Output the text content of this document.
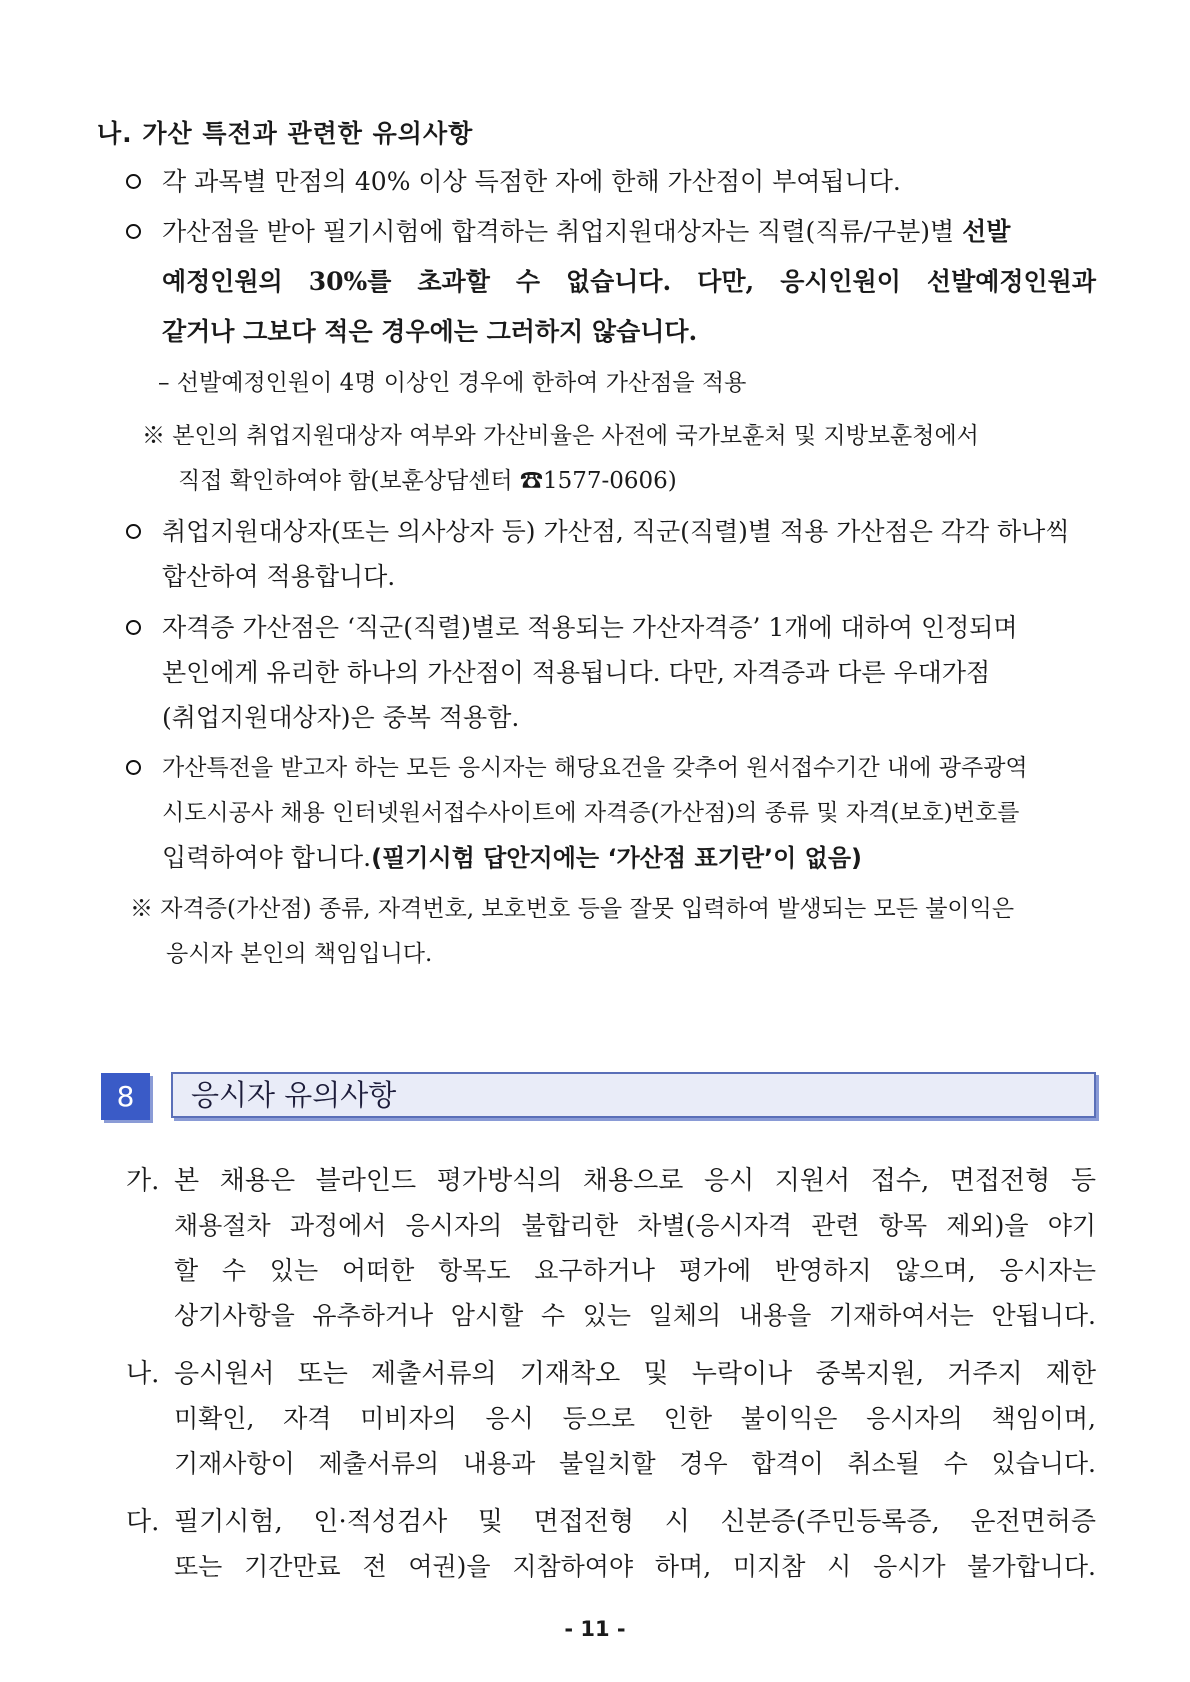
나. 가산 특전과 관련한 유의사항
각 과목별 만점의 40% 이상 득점한 자에 한해 가산점이 부여됩니다.
가산점을 받아 필기시험에 합격하는 취업지원대상자는 직렬(직류/구분)별 선발
예정인원의 30%를 초과할 수 없습니다. 다만, 응시인원이 선발예정인원과
같거나 그보다 적은 경우에는 그러하지 않습니다.
– 선발예정인원이 4명 이상인 경우에 한하여 가산점을 적용
※ 본인의 취업지원대상자 여부와 가산비율은 사전에 국가보훈처 및 지방보훈청에서
직접 확인하여야 함(보훈상담센터 ☎1577-0606)
취업지원대상자(또는 의사상자 등) 가산점, 직군(직렬)별 적용 가산점은 각각 하나씩
합산하여 적용합니다.
자격증 가산점은 ‘직군(직렬)별로 적용되는 가산자격증’ 1개에 대하여 인정되며
본인에게 유리한 하나의 가산점이 적용됩니다. 다만, 자격증과 다른 우대가점
(취업지원대상자)은 중복 적용함.
가산특전을 받고자 하는 모든 응시자는 해당요건을 갖추어 원서접수기간 내에 광주광역
시도시공사 채용 인터넷원서접수사이트에 자격증(가산점)의 종류 및 자격(보호)번호를
입력하여야 합니다.(필기시험 답안지에는 ‘가산점 표기란’이 없음)
※ 자격증(가산점) 종류, 자격번호, 보호번호 등을 잘못 입력하여 발생되는 모든 불이익은
응시자 본인의 책임입니다.
8	응시자 유의사항
가. 본 채용은 블라인드 평가방식의 채용으로 응시 지원서 접수, 면접전형 등
채용절차 과정에서 응시자의 불합리한 차별(응시자격 관련 항목 제외)을 야기
할 수 있는 어떠한 항목도 요구하거나 평가에 반영하지 않으며, 응시자는
상기사항을 유추하거나 암시할 수 있는 일체의 내용을 기재하여서는 안됩니다.
나. 응시원서 또는 제출서류의 기재착오 및 누락이나 중복지원, 거주지 제한
미확인, 자격 미비자의 응시 등으로 인한 불이익은 응시자의 책임이며,
기재사항이 제출서류의 내용과 불일치할 경우 합격이 취소될 수 있습니다.
다. 필기시험, 인·적성검사 및 면접전형 시 신분증(주민등록증, 운전면허증
또는 기간만료 전 여권)을 지참하여야 하며, 미지참 시 응시가 불가합니다.
- 11 -
